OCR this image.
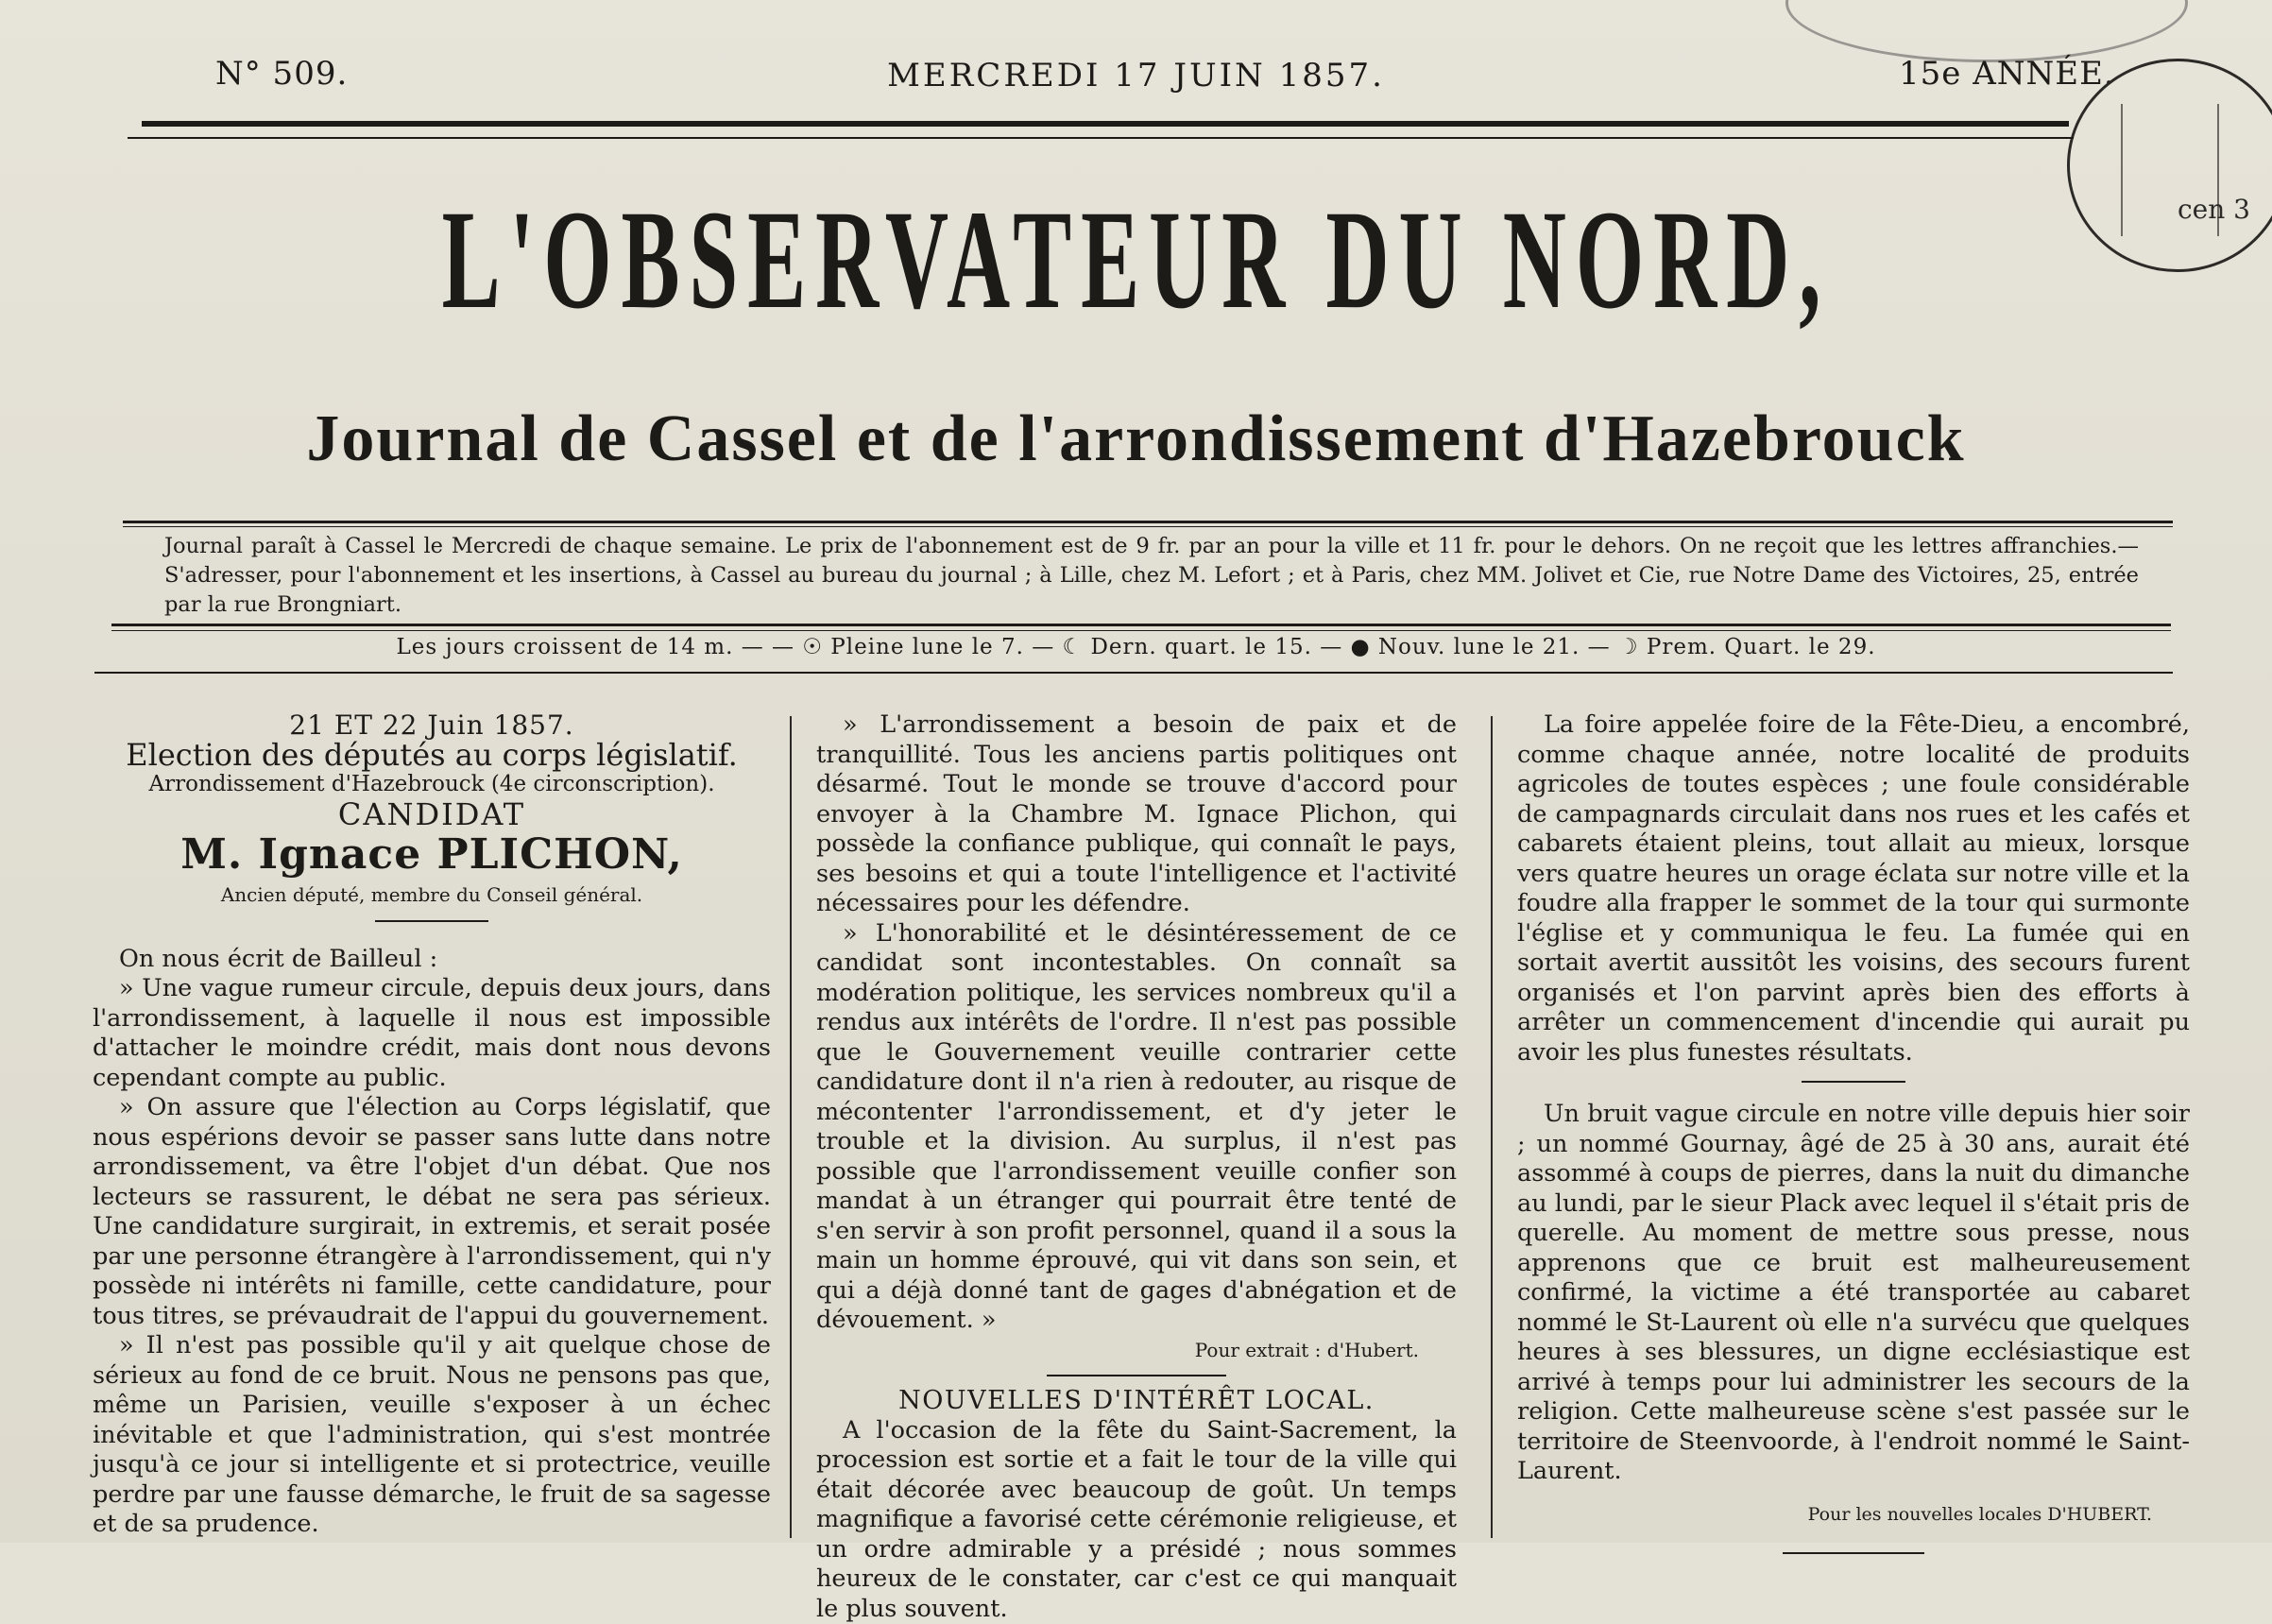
N° 509.	MERCREDI 17 JUIN 1857.	15e ANNÉE.
cen 3
L'OBSERVATEUR DU NORD,
Journal de Cassel et de l'arrondissement d'Hazebrouck
Journal paraît à Cassel le Mercredi de chaque semaine. Le prix de l'abonnement est de 9 fr. par an pour la ville et 11 fr. pour le dehors. On ne reçoit que les lettres affranchies.— S'adresser, pour l'abonnement et les insertions, à Cassel au bureau du journal ; à Lille, chez M. Lefort ; et à Paris, chez MM. Jolivet et Cie, rue Notre Dame des Victoires, 25, entrée par la rue Brongniart.
Les jours croissent de 14 m. — — ☉ Pleine lune le 7. — ☾ Dern. quart. le 15. — ● Nouv. lune le 21. — ☽ Prem. Quart. le 29.

21 ET 22 Juin 1857.

Election des députés au corps législatif.

Arrondissement d'Hazebrouck (4e circonscription).

CANDIDAT

M. Ignace PLICHON,

Ancien député, membre du Conseil général.

On nous écrit de Bailleul :

» Une vague rumeur circule, depuis deux jours, dans l'arrondissement, à laquelle il nous est impossible d'attacher le moindre crédit, mais dont nous devons cependant compte au public.

» On assure que l'élection au Corps législatif, que nous espérions devoir se passer sans lutte dans notre arrondissement, va être l'objet d'un débat. Que nos lecteurs se rassurent, le débat ne sera pas sérieux. Une candidature surgirait, in extremis, et serait posée par une personne étrangère à l'arrondissement, qui n'y possède ni intérêts ni famille, cette candidature, pour tous titres, se prévaudrait de l'appui du gouvernement.

» Il n'est pas possible qu'il y ait quelque chose de sérieux au fond de ce bruit. Nous ne pensons pas que, même un Parisien, veuille s'exposer à un échec inévitable et que l'administration, qui s'est montrée jusqu'à ce jour si intelligente et si protectrice, veuille perdre par une fausse démarche, le fruit de sa sagesse et de sa prudence.

» L'arrondissement a besoin de paix et de tranquillité. Tous les anciens partis politiques ont désarmé. Tout le monde se trouve d'accord pour envoyer à la Chambre M. Ignace Plichon, qui possède la confiance publique, qui connaît le pays, ses besoins et qui a toute l'intelligence et l'activité nécessaires pour les défendre.

» L'honorabilité et le désintéressement de ce candidat sont incontestables. On connaît sa modération politique, les services nombreux qu'il a rendus aux intérêts de l'ordre. Il n'est pas possible que le Gouvernement veuille contrarier cette candidature dont il n'a rien à redouter, au risque de mécontenter l'arrondissement, et d'y jeter le trouble et la division. Au surplus, il n'est pas possible que l'arrondissement veuille confier son mandat à un étranger qui pourrait être tenté de s'en servir à son profit personnel, quand il a sous la main un homme éprouvé, qui vit dans son sein, et qui a déjà donné tant de gages d'abnégation et de dévouement. »

Pour extrait : d'Hubert.

NOUVELLES D'INTÉRÊT LOCAL.

A l'occasion de la fête du Saint-Sacrement, la procession est sortie et a fait le tour de la ville qui était décorée avec beaucoup de goût. Un temps magnifique a favorisé cette cérémonie religieuse, et un ordre admirable y a présidé ; nous sommes heureux de le constater, car c'est ce qui manquait le plus souvent.

La foire appelée foire de la Fête-Dieu, a encombré, comme chaque année, notre localité de produits agricoles de toutes espèces ; une foule considérable de campagnards circulait dans nos rues et les cafés et cabarets étaient pleins, tout allait au mieux, lorsque vers quatre heures un orage éclata sur notre ville et la foudre alla frapper le sommet de la tour qui surmonte l'église et y communiqua le feu. La fumée qui en sortait avertit aussitôt les voisins, des secours furent organisés et l'on parvint après bien des efforts à arrêter un commencement d'incendie qui aurait pu avoir les plus funestes résultats.

Un bruit vague circule en notre ville depuis hier soir ; un nommé Gournay, âgé de 25 à 30 ans, aurait été assommé à coups de pierres, dans la nuit du dimanche au lundi, par le sieur Plack avec lequel il s'était pris de querelle. Au moment de mettre sous presse, nous apprenons que ce bruit est malheureusement confirmé, la victime a été transportée au cabaret nommé le St-Laurent où elle n'a survécu que quelques heures à ses blessures, un digne ecclésiastique est arrivé à temps pour lui administrer les secours de la religion. Cette malheureuse scène s'est passée sur le territoire de Steenvoorde, à l'endroit nommé le Saint-Laurent.

Pour les nouvelles locales D'HUBERT.
